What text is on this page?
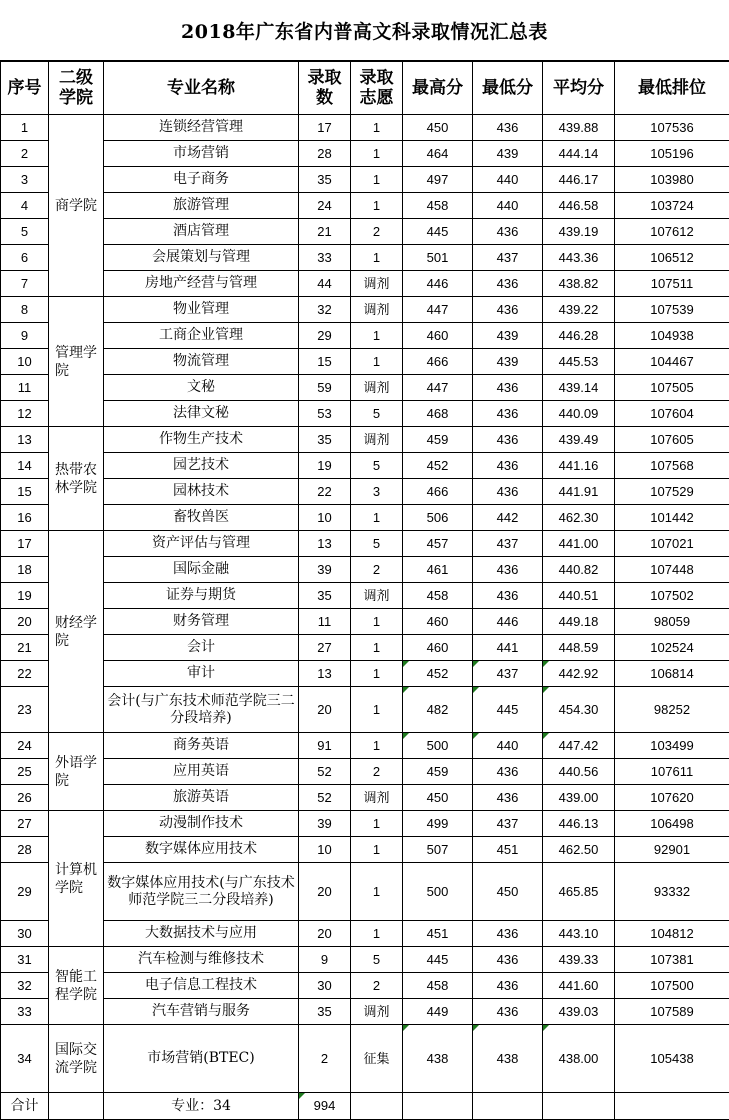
2018年广东省内普高文科录取情况汇总表
序号	二级学院	专业名称	录取数	录取志愿	最高分	最低分	平均分	最低排位
1	商学院	连锁经营管理	17	1	450	436	439.88	107536
2		市场营销	28	1	464	439	444.14	105196
3		电子商务	35	1	497	440	446.17	103980
4		旅游管理	24	1	458	440	446.58	103724
5		酒店管理	21	2	445	436	439.19	107612
6		会展策划与管理	33	1	501	437	443.36	106512
7		房地产经营与管理	44	调剂	446	436	438.82	107511
8	管理学院	物业管理	32	调剂	447	436	439.22	107539
9		工商企业管理	29	1	460	439	446.28	104938
10		物流管理	15	1	466	439	445.53	104467
11		文秘	59	调剂	447	436	439.14	107505
12		法律文秘	53	5	468	436	440.09	107604
13	热带农林学院	作物生产技术	35	调剂	459	436	439.49	107605
14		园艺技术	19	5	452	436	441.16	107568
15		园林技术	22	3	466	436	441.91	107529
16		畜牧兽医	10	1	506	442	462.30	101442
17	财经学院	资产评估与管理	13	5	457	437	441.00	107021
18		国际金融	39	2	461	436	440.82	107448
19		证券与期货	35	调剂	458	436	440.51	107502
20		财务管理	11	1	460	446	449.18	98059
21		会计	27	1	460	441	448.59	102524
22		审计	13	1	452	437	442.92	106814
23		会计(与广东技术师范学院三二分段培养)	20	1	482	445	454.30	98252
24	外语学院	商务英语	91	1	500	440	447.42	103499
25		应用英语	52	2	459	436	440.56	107611
26		旅游英语	52	调剂	450	436	439.00	107620
27	计算机学院	动漫制作技术	39	1	499	437	446.13	106498
28		数字媒体应用技术	10	1	507	451	462.50	92901
29		数字媒体应用技术(与广东技术师范学院三二分段培养)	20	1	500	450	465.85	93332
30		大数据技术与应用	20	1	451	436	443.10	104812
31	智能工程学院	汽车检测与维修技术	9	5	445	436	439.33	107381
32		电子信息工程技术	30	2	458	436	441.60	107500
33		汽车营销与服务	35	调剂	449	436	439.03	107589
34	国际交流学院	市场营销(BTEC)	2	征集	438	438	438.00	105438
合计		专业：34	994					
